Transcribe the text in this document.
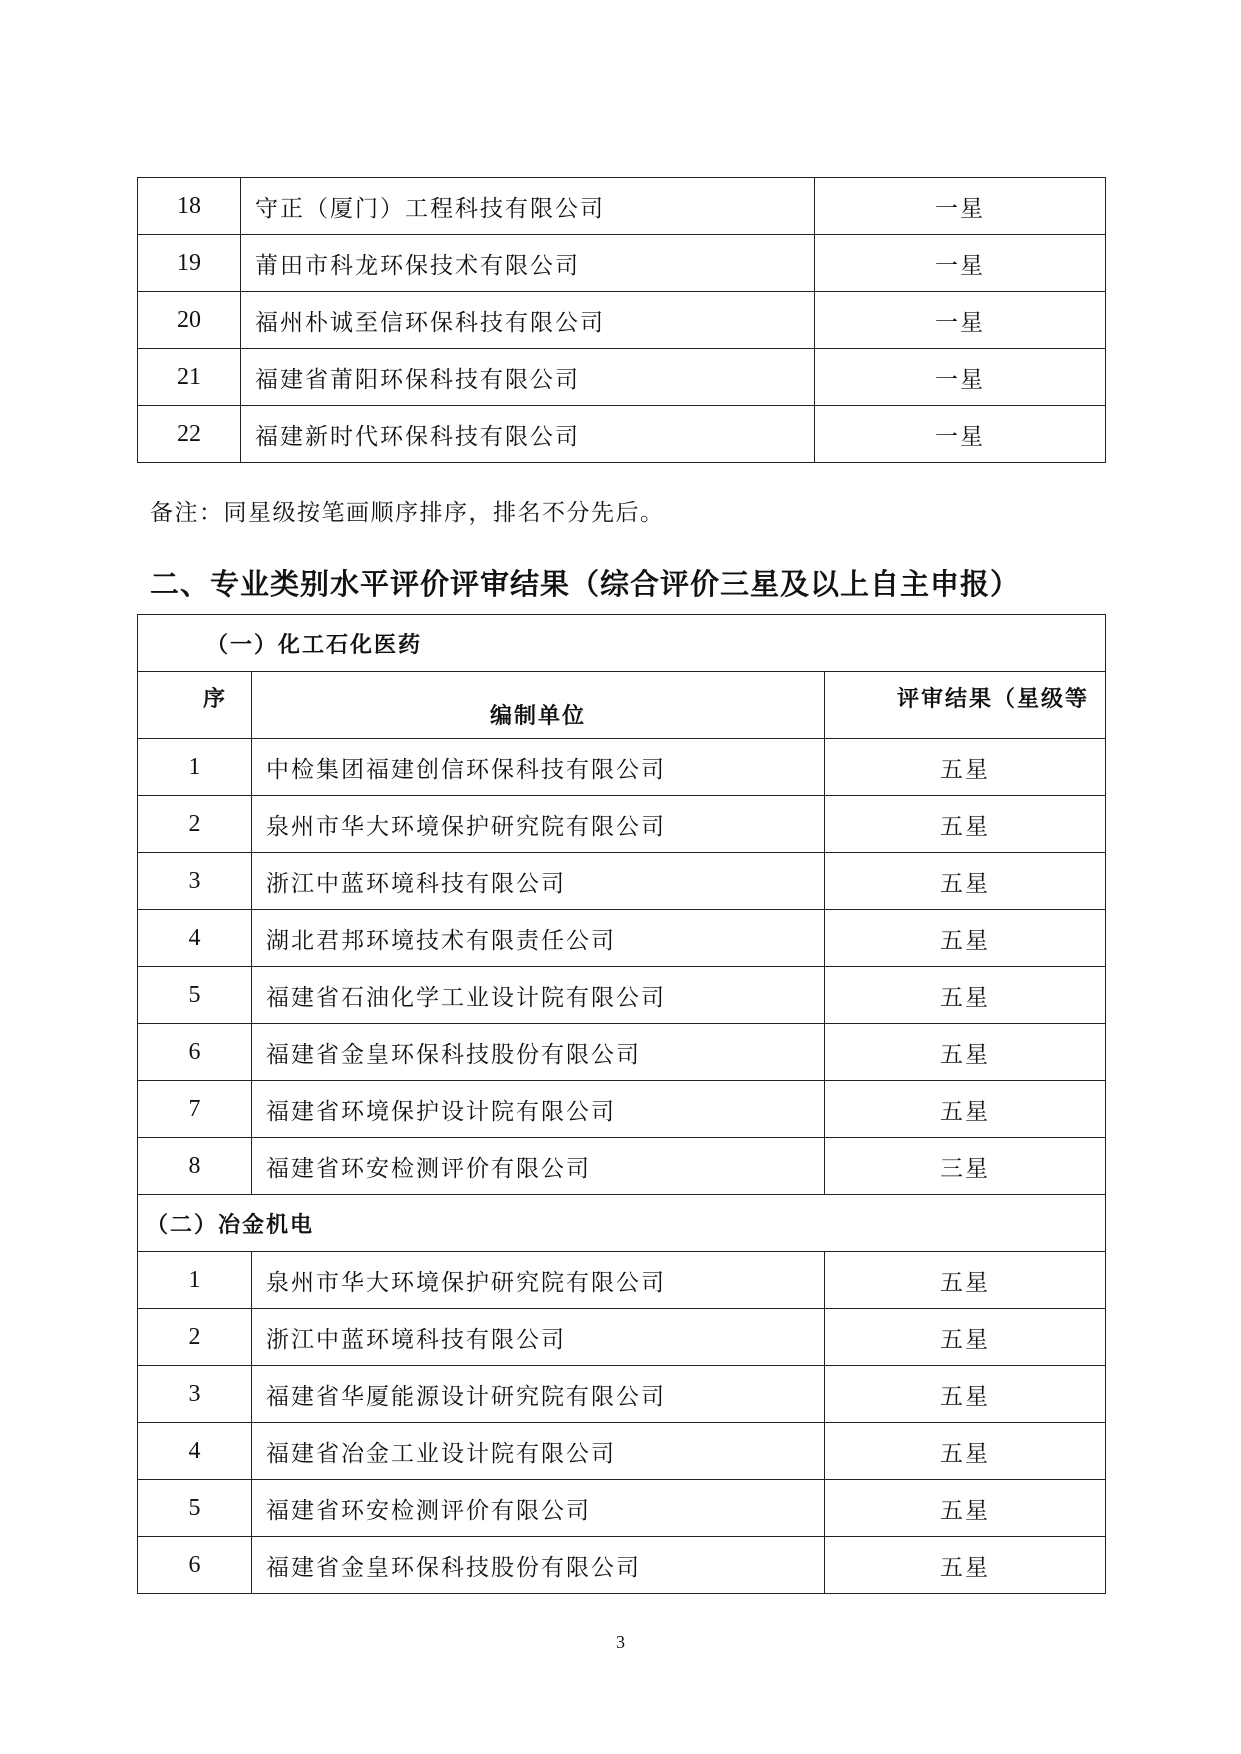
18	守正（厦门）工程科技有限公司	一星
19	莆田市科龙环保技术有限公司	一星
20	福州朴诚至信环保科技有限公司	一星
21	福建省莆阳环保科技有限公司	一星
22	福建新时代环保科技有限公司	一星
备注：同星级按笔画顺序排序，排名不分先后。
二、专业类别水平评价评审结果（综合评价三星及以上自主申报）
（一）化工石化医药		
序	编制单位	评审结果（星级等
1	中检集团福建创信环保科技有限公司	五星
2	泉州市华大环境保护研究院有限公司	五星
3	浙江中蓝环境科技有限公司	五星
4	湖北君邦环境技术有限责任公司	五星
5	福建省石油化学工业设计院有限公司	五星
6	福建省金皇环保科技股份有限公司	五星
7	福建省环境保护设计院有限公司	五星
8	福建省环安检测评价有限公司	三星
（二）冶金机电		
1	泉州市华大环境保护研究院有限公司	五星
2	浙江中蓝环境科技有限公司	五星
3	福建省华厦能源设计研究院有限公司	五星
4	福建省冶金工业设计院有限公司	五星
5	福建省环安检测评价有限公司	五星
6	福建省金皇环保科技股份有限公司	五星
3
